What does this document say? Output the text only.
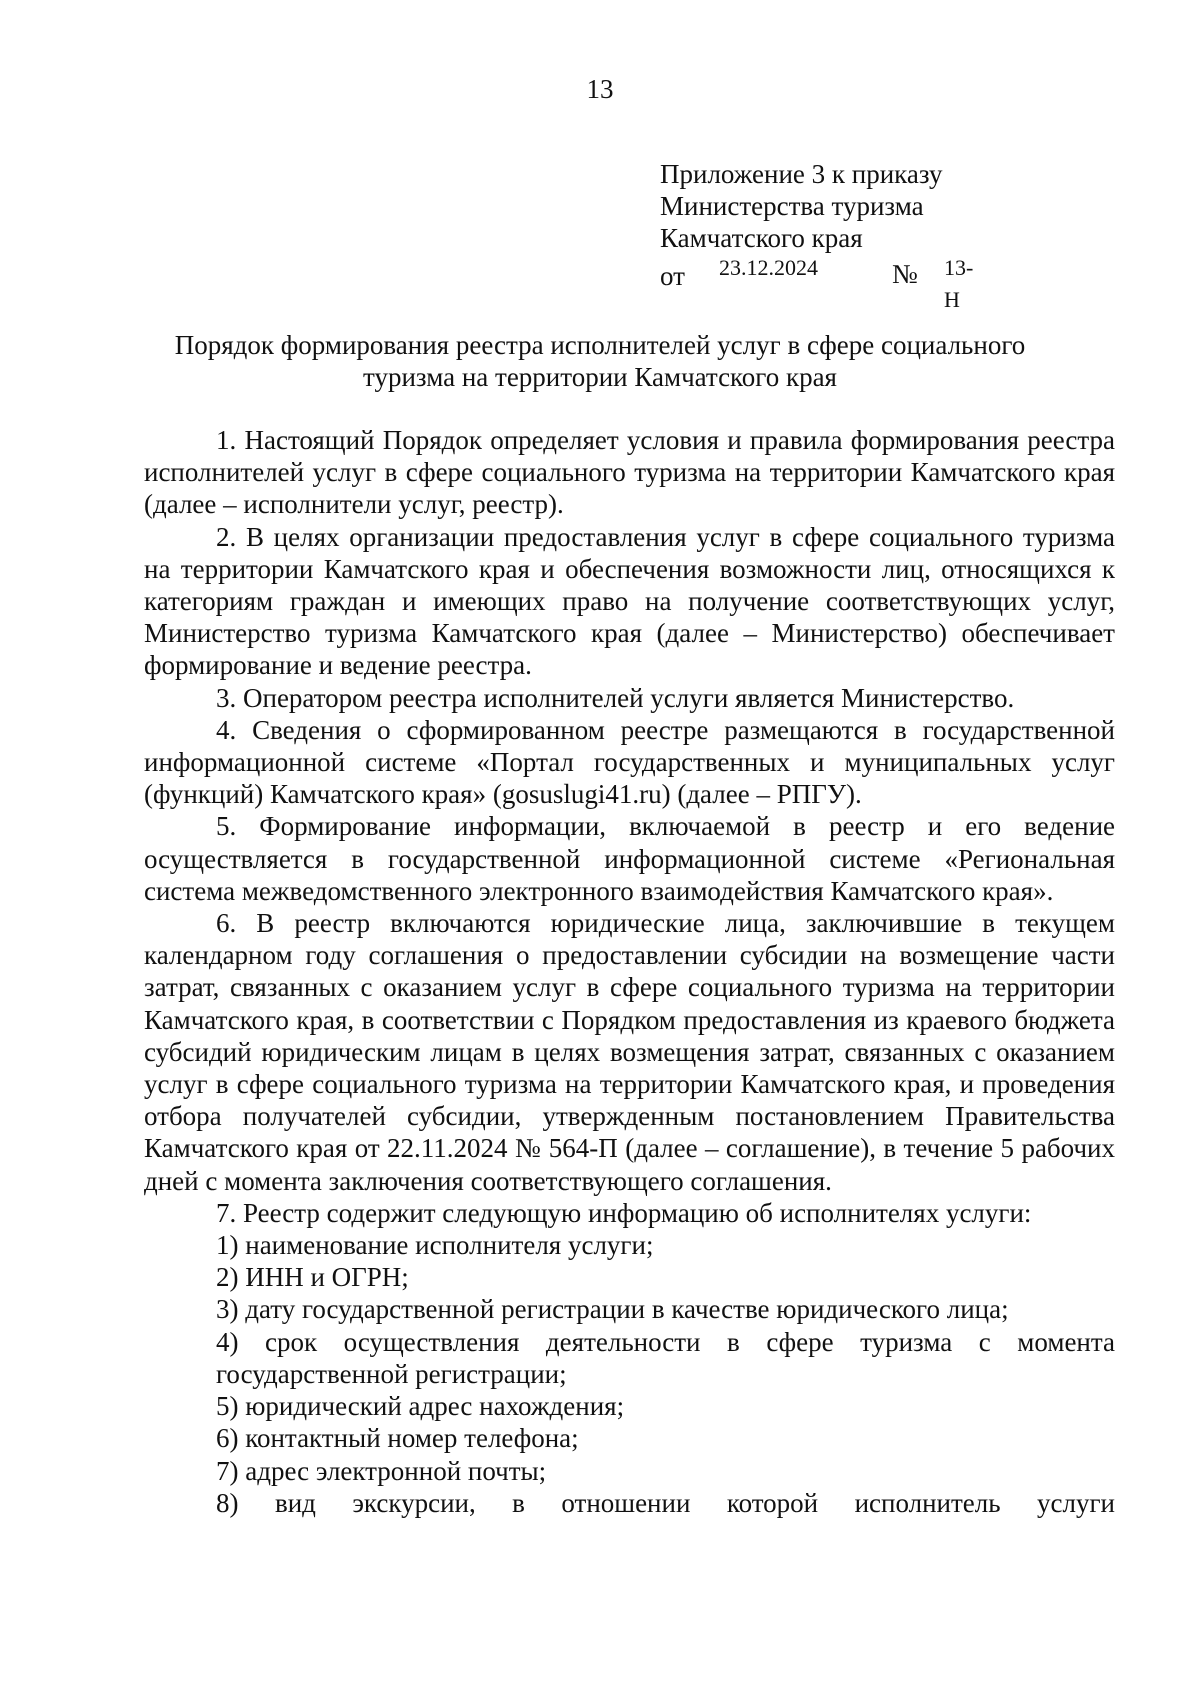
13
Приложение 3 к приказу
Министерства туризма
Камчатского края
от 23.12.2024	№ 13-Н
Порядок формирования реестра исполнителей услуг в сфере социального
туризма на территории Камчатского края

1. Настоящий Порядок определяет условия и правила формирования реестра исполнителей услуг в сфере социального туризма на территории Камчатского края (далее – исполнители услуг, реестр).

2. В целях организации предоставления услуг в сфере социального туризма на территории Камчатского края и обеспечения возможности лиц, относящихся к категориям граждан и имеющих право на получение соответствующих услуг, Министерство туризма Камчатского края (далее – Министерство) обеспечивает формирование и ведение реестра.

3. Оператором реестра исполнителей услуги является Министерство.

4. Сведения о сформированном реестре размещаются в государственной информационной системе «Портал государственных и муниципальных услуг (функций) Камчатского края» (gosuslugi41.ru) (далее – РПГУ).

5. Формирование информации, включаемой в реестр и его ведение осуществляется в государственной информационной системе «Региональная система межведомственного электронного взаимодействия Камчатского края».

6. В реестр включаются юридические лица, заключившие в текущем календарном году соглашения о предоставлении субсидии на возмещение части затрат, связанных с оказанием услуг в сфере социального туризма на территории Камчатского края, в соответствии с Порядком предоставления из краевого бюджета субсидий юридическим лицам в целях возмещения затрат, связанных с оказанием услуг в сфере социального туризма на территории Камчатского края, и проведения отбора получателей субсидии, утвержденным постановлением Правительства Камчатского края от 22.11.2024 № 564-П (далее – соглашение), в течение 5 рабочих дней с момента заключения соответствующего соглашения.

7. Реестр содержит следующую информацию об исполнителях услуги:

1) наименование исполнителя услуги;

2) ИНН и ОГРН;

3) дату государственной регистрации в качестве юридического лица;

4) срок осуществления деятельности в сфере туризма с момента государственной регистрации;

5) юридический адрес нахождения;

6) контактный номер телефона;

7) адрес электронной почты;

8) вид экскурсии, в отношении которой исполнитель услуги
